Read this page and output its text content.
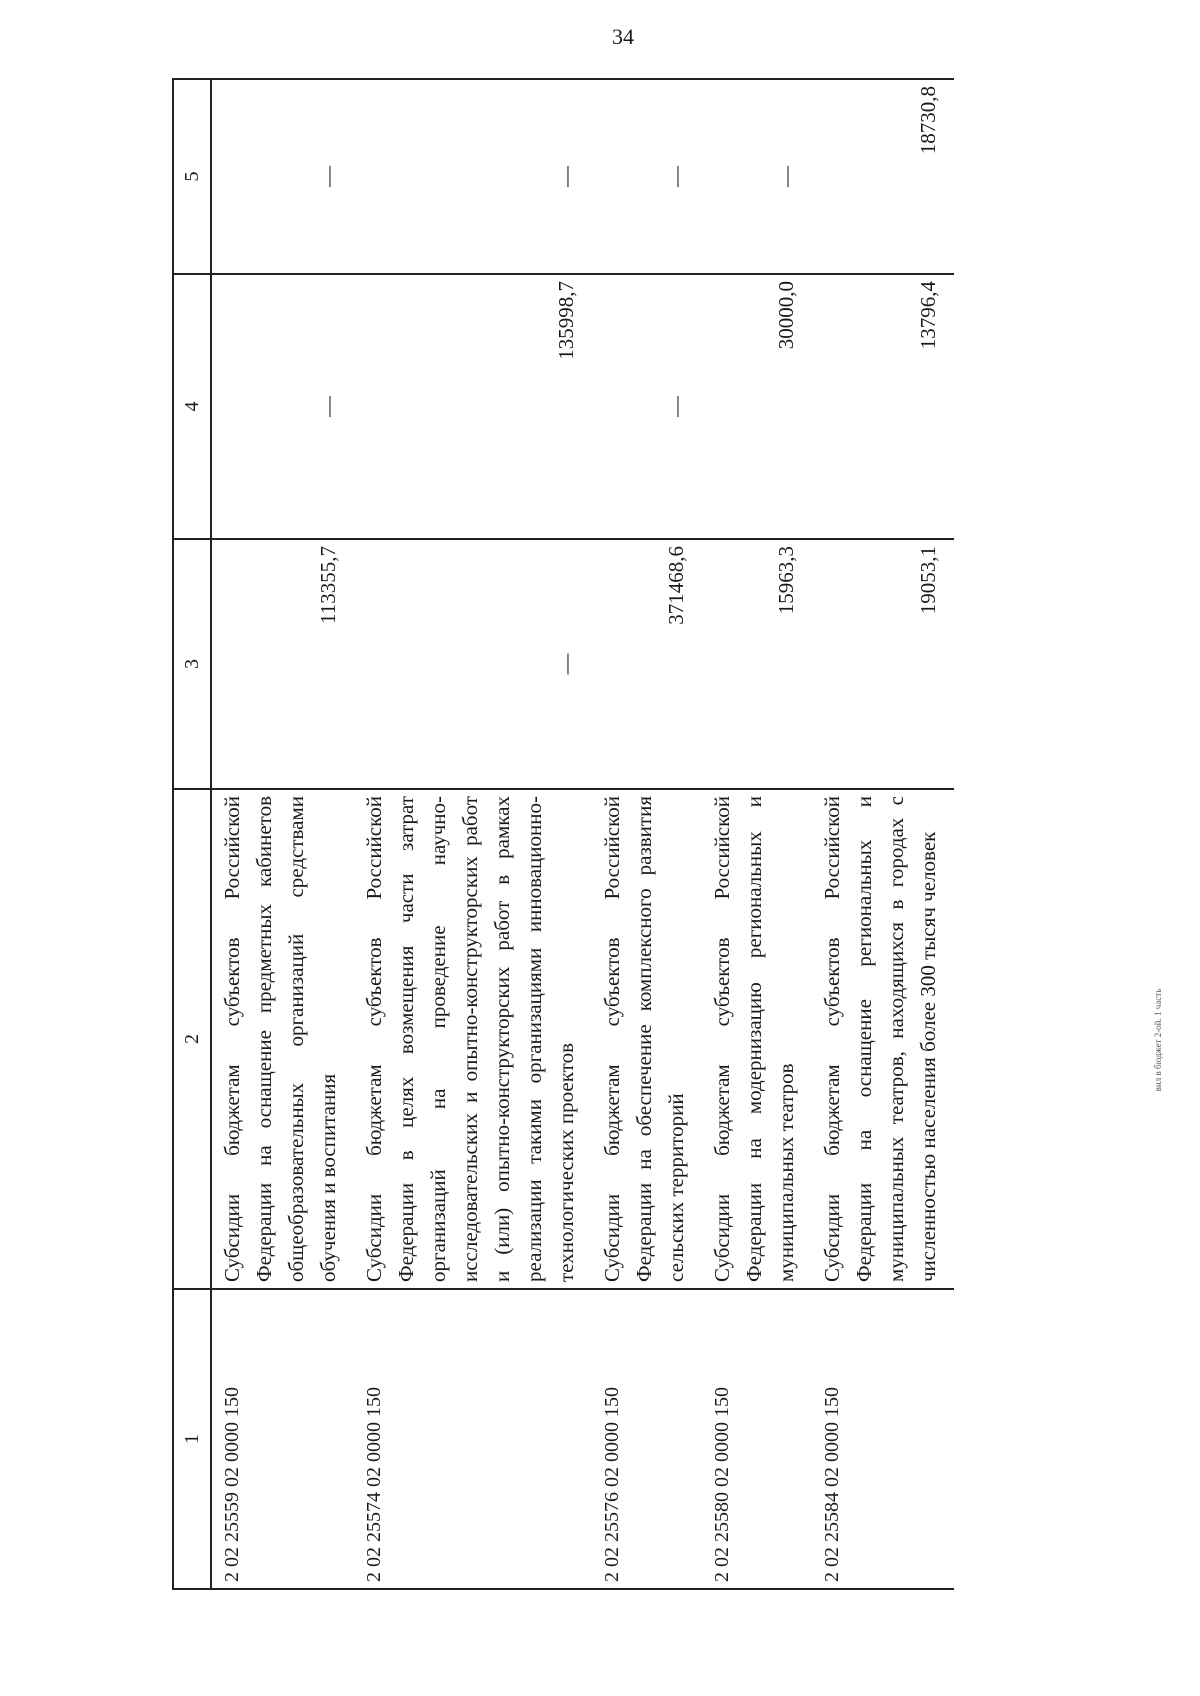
34
1	2	3	4	5
2 02 25559 02 0000 150	Субсидии бюджетам субъектов Российской Федерации на оснащение предметных кабинетов общеобразовательных организаций средствами обучения и воспитания	113355,7	—	—
2 02 25574 02 0000 150	Субсидии бюджетам субъектов Российской Федерации в целях возмещения части затрат организаций на проведение научно-исследовательских и опытно-конструкторских работ и (или) опытно-конструкторских работ в рамках реализации такими организациями инновационно-технологических проектов	—	135998,7	—
2 02 25576 02 0000 150	Субсидии бюджетам субъектов Российской Федерации на обеспечение комплексного развития сельских территорий	371468,6	—	—
2 02 25580 02 0000 150	Субсидии бюджетам субъектов Российской Федерации на модернизацию региональных и муниципальных театров	15963,3	30000,0	—
2 02 25584 02 0000 150	Субсидии бюджетам субъектов Российской Федерации на оснащение региональных и муниципальных театров, находящихся в городах с численностью населения более 300 тысяч человек	19053,1	13796,4	18730,8
вил в бюджет 2-ой. 1 часть
